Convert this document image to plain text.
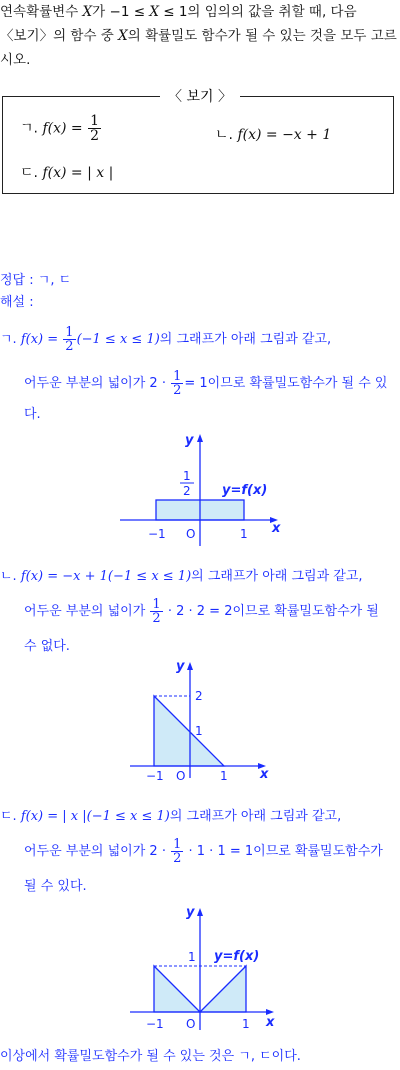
연속확률변수 X가 −1 ≤ X ≤ 1의 임의의 값을 취할 때, 다음
〈보기〉의 함수 중 X의 확률밀도 함수가 될 수 있는 것을 모두 고르
시오.
〈 보기 〉
ㄱ. $f(x) = \frac{1}{2}$	ㄴ. f(x) = −x + 1
ㄷ. f(x) = | x |
정답 : ㄱ, ㄷ
해설 :
ㄱ. $f(x) = \frac{1}{2} (-1 \le x \le 1)$의 그래프가 아래 그림과 같고,
어두운 부분의 넓이가 $2 \cdot \frac{1}{2} = 1$이므로 확률밀도함수가 될 수 있
다.
y
x
1
2 y=f(x)
−1 O	1
ㄴ. f(x) = −x + 1(−1 ≤ x ≤ 1)의 그래프가 아래 그림과 같고,
어두운 부분의 넓이가 $\frac{1}{2} \cdot 2 \cdot 2 = 2$이므로 확률밀도함수가 될
수 없다.
y
x
2
1
−1 O	1
ㄷ. f(x) = | x |(−1 ≤ x ≤ 1)의 그래프가 아래 그림과 같고,
어두운 부분의 넓이가 $2 \cdot \frac{1}{2} \cdot 1 \cdot 1 = 1$이므로 확률밀도함수가
될 수 있다.
y
x
1 y=f(x)
−1 O	1
이상에서 확률밀도함수가 될 수 있는 것은 ㄱ, ㄷ이다.
